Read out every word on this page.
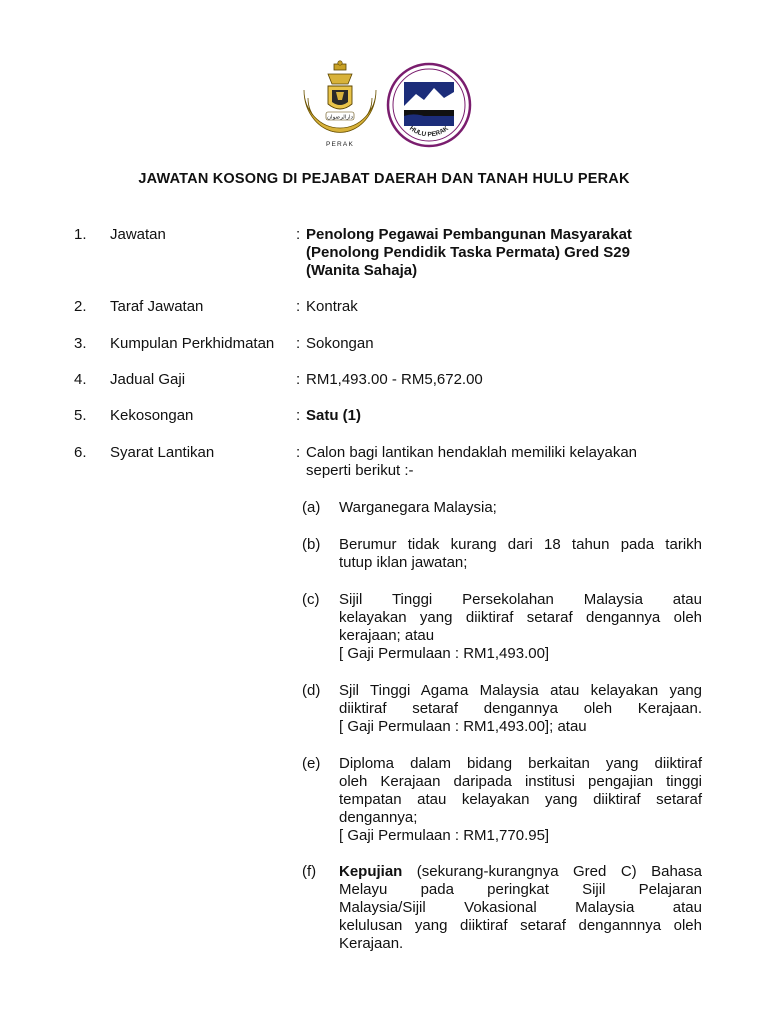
دارالرضوان
PERAK
HULU PERAK
JAWATAN KOSONG DI PEJABAT DAERAH DAN TANAH HULU PERAK
1. Jawatan	: Penolong Pegawai Pembangunan Masyarakat
(Penolong Pendidik Taska Permata) Gred S29
(Wanita Sahaja)
2. Taraf Jawatan	: Kontrak
3. Kumpulan Perkhidmatan : Sokongan
4. Jadual Gaji	: RM1,493.00 - RM5,672.00
5. Kekosongan	: Satu (1)
6. Syarat Lantikan	: Calon bagi lantikan hendaklah memiliki kelayakan
seperti berikut :-
(a) Warganegara Malaysia;
(b) Berumur tidak kurang dari 18 tahun pada tarikh
tutup iklan jawatan;
(c) Sijil Tinggi Persekolahan Malaysia atau
kelayakan yang diiktiraf setaraf dengannya oleh
kerajaan; atau
[ Gaji Permulaan : RM1,493.00]
(d) Sjil Tinggi Agama Malaysia atau kelayakan yang
diiktiraf setaraf dengannya oleh Kerajaan.
[ Gaji Permulaan : RM1,493.00]; atau
(e) Diploma dalam bidang berkaitan yang diiktiraf
oleh Kerajaan daripada institusi pengajian tinggi
tempatan atau kelayakan yang diiktiraf setaraf
dengannya;
[ Gaji Permulaan : RM1,770.95]
(f) Kepujian (sekurang-kurangnya Gred C) Bahasa
Melayu pada peringkat Sijil Pelajaran
Malaysia/Sijil Vokasional Malaysia atau
kelulusan yang diiktiraf setaraf dengannnya oleh
Kerajaan.
